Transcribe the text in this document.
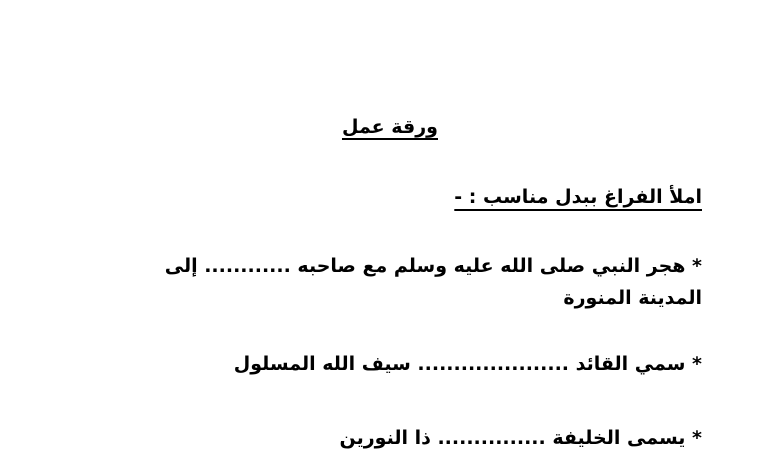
ورقة عمل
املأ الفراغ ببدل مناسب : -
* هجر النبي صلى الله عليه وسلم مع صاحبه ............ إلى المدينة المنورة
* سمي القائد ..................... سيف الله المسلول
* يسمى الخليفة ............... ذا النورين
